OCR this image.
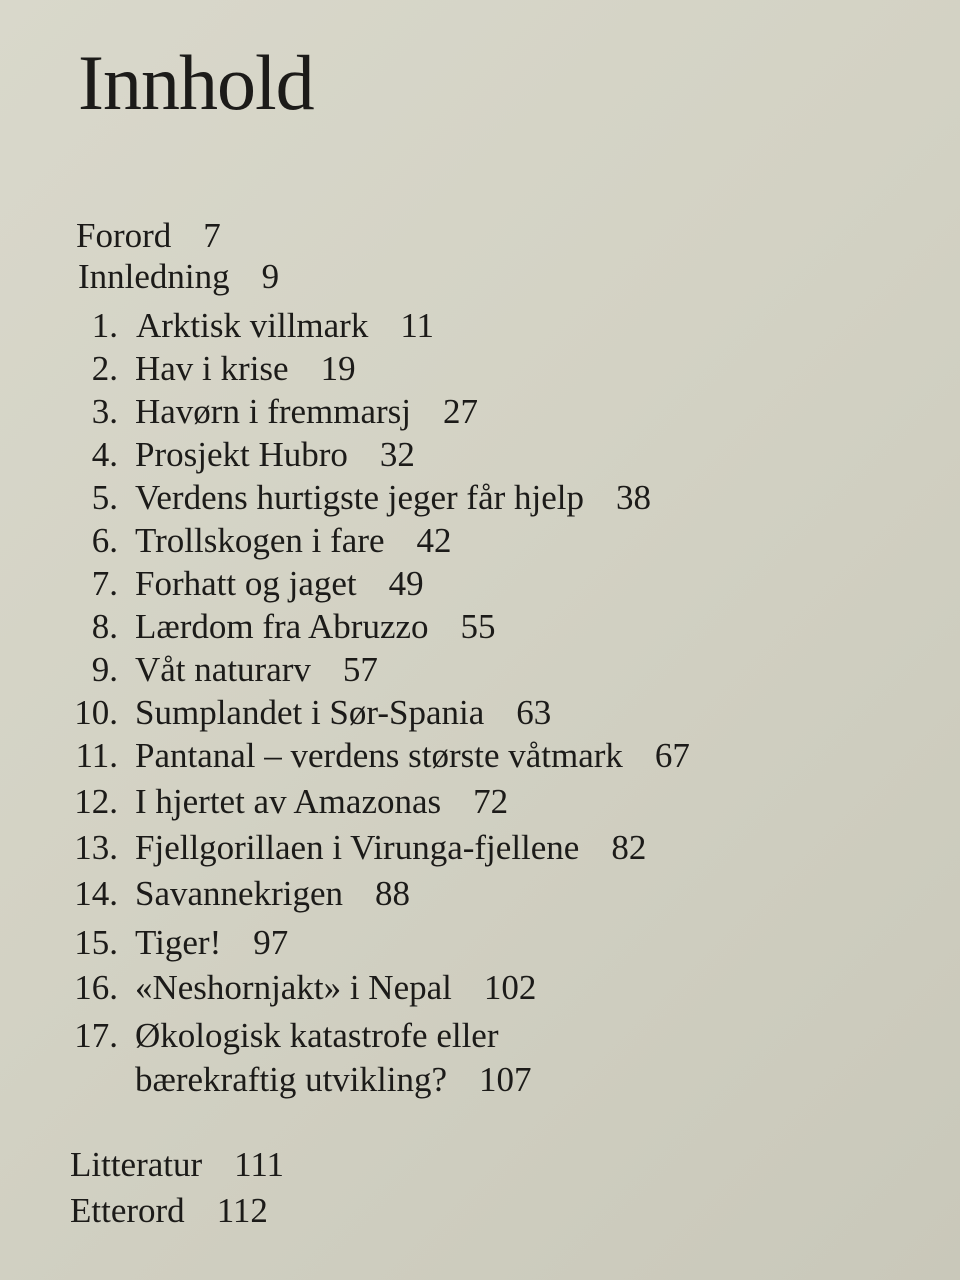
Innhold
Forord 7
Innledning 9
1. Arktisk villmark 11
2. Hav i krise 19
3. Havørn i fremmarsj 27
4. Prosjekt Hubro 32
5. Verdens hurtigste jeger får hjelp 38
6. Trollskogen i fare 42
7. Forhatt og jaget 49
8. Lærdom fra Abruzzo 55
9. Våt naturarv 57
10. Sumplandet i Sør-Spania 63
11. Pantanal – verdens største våtmark 67
12. I hjertet av Amazonas 72
13. Fjellgorillaen i Virunga-fjellene 82
14. Savannekrigen 88
15. Tiger! 97
16. «Neshornjakt» i Nepal 102
17. Økologisk katastrofe eller
bærekraftig utvikling? 107
Litteratur 111
Etterord 112
